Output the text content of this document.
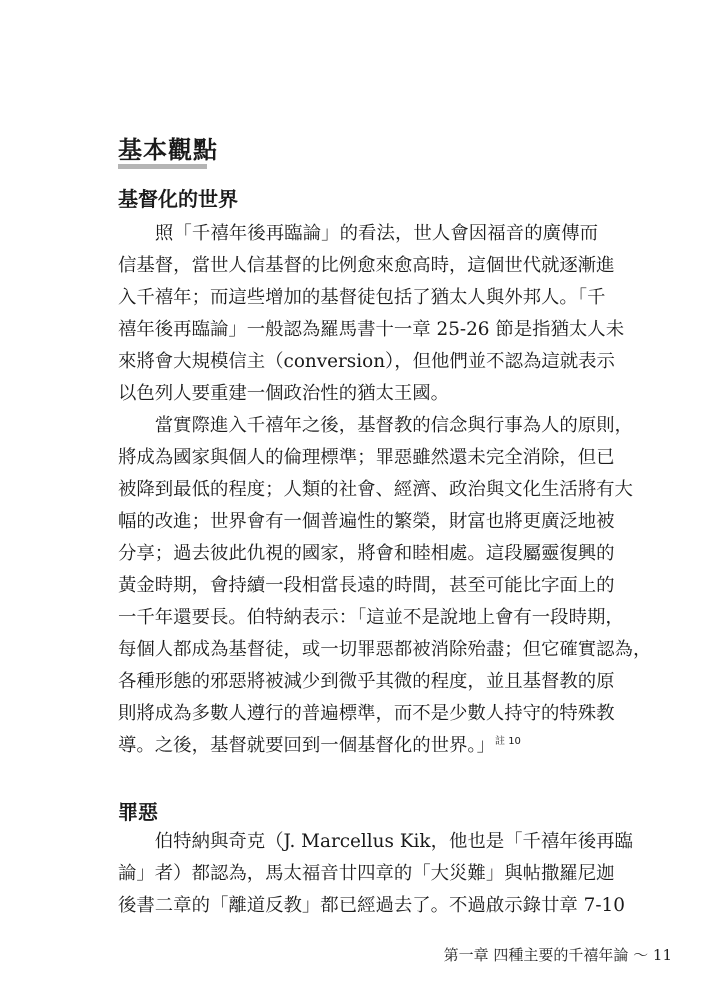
基本觀點
基督化的世界
　　照「千禧年後再臨論」的看法，世人會因福音的廣傳而
信基督，當世人信基督的比例愈來愈高時，這個世代就逐漸進
入千禧年；而這些增加的基督徒包括了猶太人與外邦人。「千
禧年後再臨論」一般認為羅馬書十一章 25-26 節是指猶太人未
來將會大規模信主（conversion），但他們並不認為這就表示
以色列人要重建一個政治性的猶太王國。
　　當實際進入千禧年之後，基督教的信念與行事為人的原則，
將成為國家與個人的倫理標準；罪惡雖然還未完全消除，但已
被降到最低的程度；人類的社會、經濟、政治與文化生活將有大
幅的改進；世界會有一個普遍性的繁榮，財富也將更廣泛地被
分享；過去彼此仇視的國家，將會和睦相處。這段屬靈復興的
黃金時期，會持續一段相當長遠的時間，甚至可能比字面上的
一千年還要長。伯特納表示：「這並不是說地上會有一段時期，
每個人都成為基督徒，或一切罪惡都被消除殆盡；但它確實認為，
各種形態的邪惡將被減少到微乎其微的程度，並且基督教的原
則將成為多數人遵行的普遍標準，而不是少數人持守的特殊教
導。之後，基督就要回到一個基督化的世界。」$^{註 10}$
罪惡
　　伯特納與奇克（J. Marcellus Kik，他也是「千禧年後再臨
論」者）都認為，馬太福音廿四章的「大災難」與帖撒羅尼迦
後書二章的「離道反教」都已經過去了。不過啟示錄廿章 7-10
第一章 四種主要的千禧年論 ～ 11
